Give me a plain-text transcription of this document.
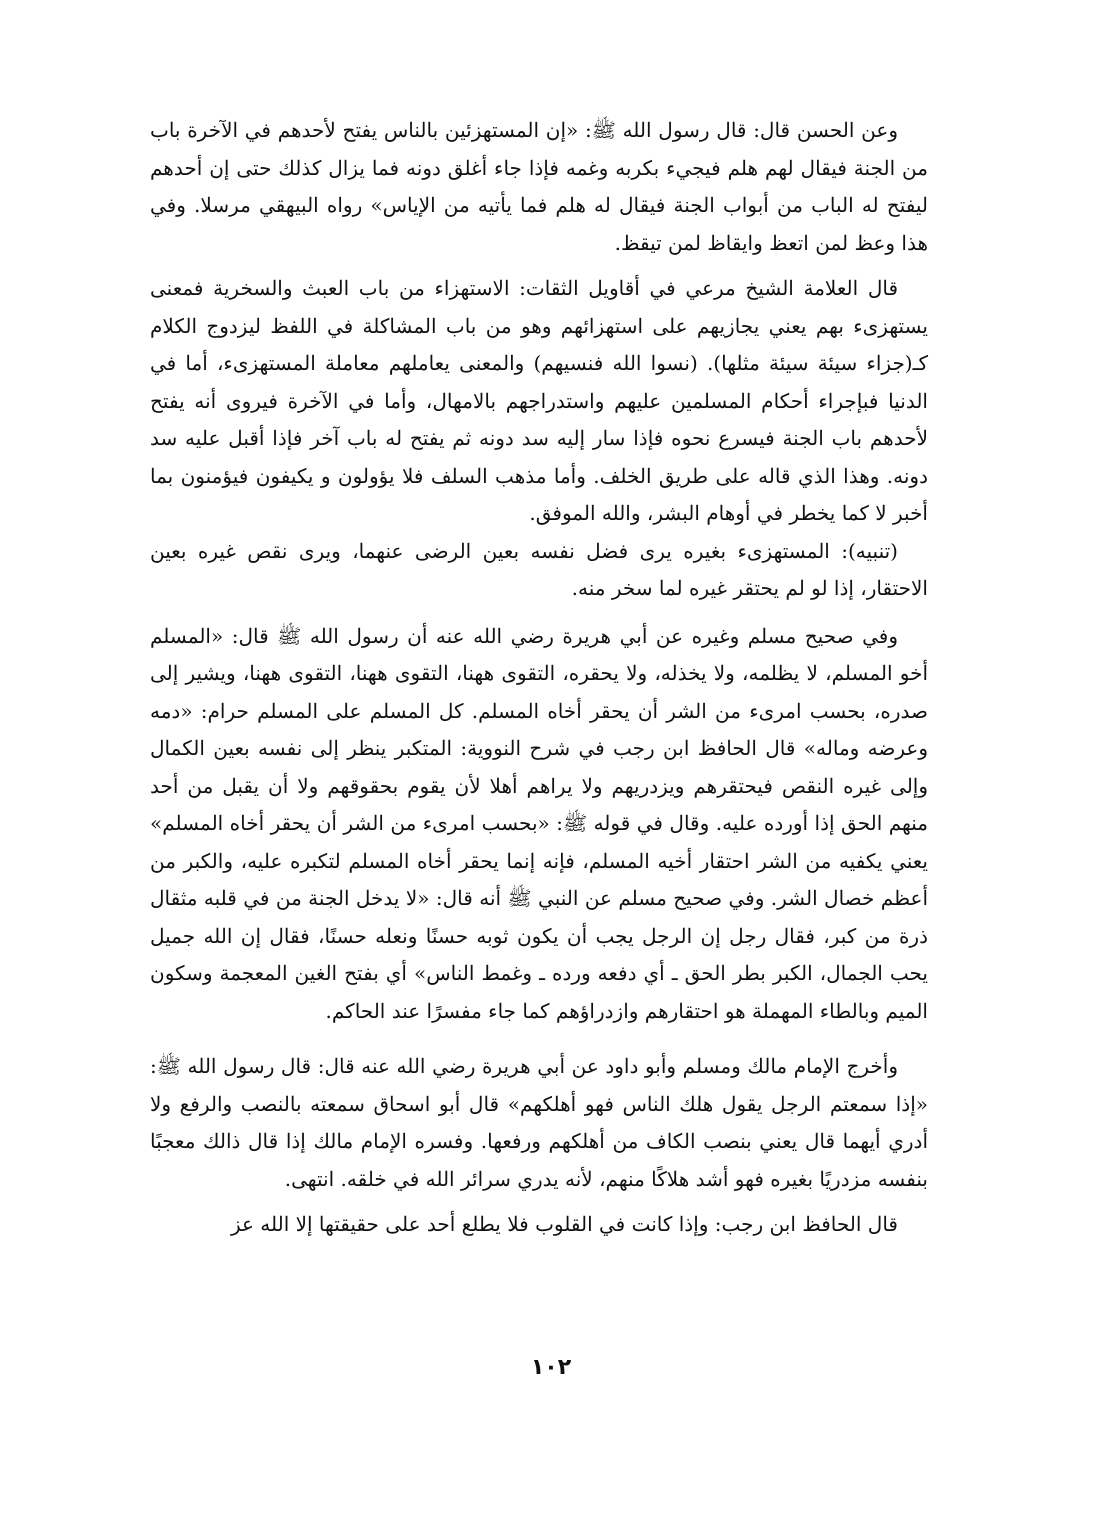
وعن الحسن قال: قال رسول الله ﷺ: «إن المستهزئين بالناس يفتح لأحدهم في الآخرة باب من الجنة فيقال لهم هلم فيجيء بكربه وغمه فإذا جاء أغلق دونه فما يزال كذلك حتى إن أحدهم ليفتح له الباب من أبواب الجنة فيقال له هلم فما يأتيه من الإياس» رواه البيهقي مرسلا. وفي هذا وعظ لمن اتعظ وايقاظ لمن تيقظ.

قال العلامة الشيخ مرعي في أقاويل الثقات: الاستهزاء من باب العبث والسخرية فمعنى يستهزىء بهم يعني يجازيهم على استهزائهم وهو من باب المشاكلة في اللفظ ليزدوج الكلام كـ(جزاء سيئة سيئة مثلها). (نسوا الله فنسيهم) والمعنى يعاملهم معاملة المستهزىء، أما في الدنيا فبإجراء أحكام المسلمين عليهم واستدراجهم بالامهال، وأما في الآخرة فيروى أنه يفتح لأحدهم باب الجنة فيسرع نحوه فإذا سار إليه سد دونه ثم يفتح له باب آخر فإذا أقبل عليه سد دونه. وهذا الذي قاله على طريق الخلف. وأما مذهب السلف فلا يؤولون و يكيفون فيؤمنون بما أخبر لا كما يخطر في أوهام البشر، والله الموفق.

(تنبيه): المستهزىء بغيره يرى فضل نفسه بعين الرضى عنهما، ويرى نقص غيره بعين الاحتقار، إذا لو لم يحتقر غيره لما سخر منه.

وفي صحيح مسلم وغيره عن أبي هريرة رضي الله عنه أن رسول الله ﷺ قال: «المسلم أخو المسلم، لا يظلمه، ولا يخذله، ولا يحقره، التقوى ههنا، التقوى ههنا، التقوى ههنا، ويشير إلى صدره، بحسب امرىء من الشر أن يحقر أخاه المسلم. كل المسلم على المسلم حرام: «دمه وعرضه وماله» قال الحافظ ابن رجب في شرح النووية: المتكبر ينظر إلى نفسه بعين الكمال وإلى غيره النقص فيحتقرهم ويزدريهم ولا يراهم أهلا لأن يقوم بحقوقهم ولا أن يقبل من أحد منهم الحق إذا أورده عليه. وقال في قوله ﷺ: «بحسب امرىء من الشر أن يحقر أخاه المسلم» يعني يكفيه من الشر احتقار أخيه المسلم، فإنه إنما يحقر أخاه المسلم لتكبره عليه، والكبر من أعظم خصال الشر. وفي صحيح مسلم عن النبي ﷺ أنه قال: «لا يدخل الجنة من في قلبه مثقال ذرة من كبر، فقال رجل إن الرجل يجب أن يكون ثوبه حسنًا ونعله حسنًا، فقال إن الله جميل يحب الجمال، الكبر بطر الحق ـ أي دفعه ورده ـ وغمط الناس» أي بفتح الغين المعجمة وسكون الميم وبالطاء المهملة هو احتقارهم وازدراؤهم كما جاء مفسرًا عند الحاكم.

وأخرج الإمام مالك ومسلم وأبو داود عن أبي هريرة رضي الله عنه قال: قال رسول الله ﷺ: «إذا سمعتم الرجل يقول هلك الناس فهو أهلكهم» قال أبو اسحاق سمعته بالنصب والرفع ولا أدري أيهما قال يعني بنصب الكاف من أهلكهم ورفعها. وفسره الإمام مالك إذا قال ذالك معجبًا بنفسه مزدريًا بغيره فهو أشد هلاكًا منهم، لأنه يدري سرائر الله في خلقه. انتهى.

قال الحافظ ابن رجب: وإذا كانت في القلوب فلا يطلع أحد على حقيقتها إلا الله عز

١٠٢
